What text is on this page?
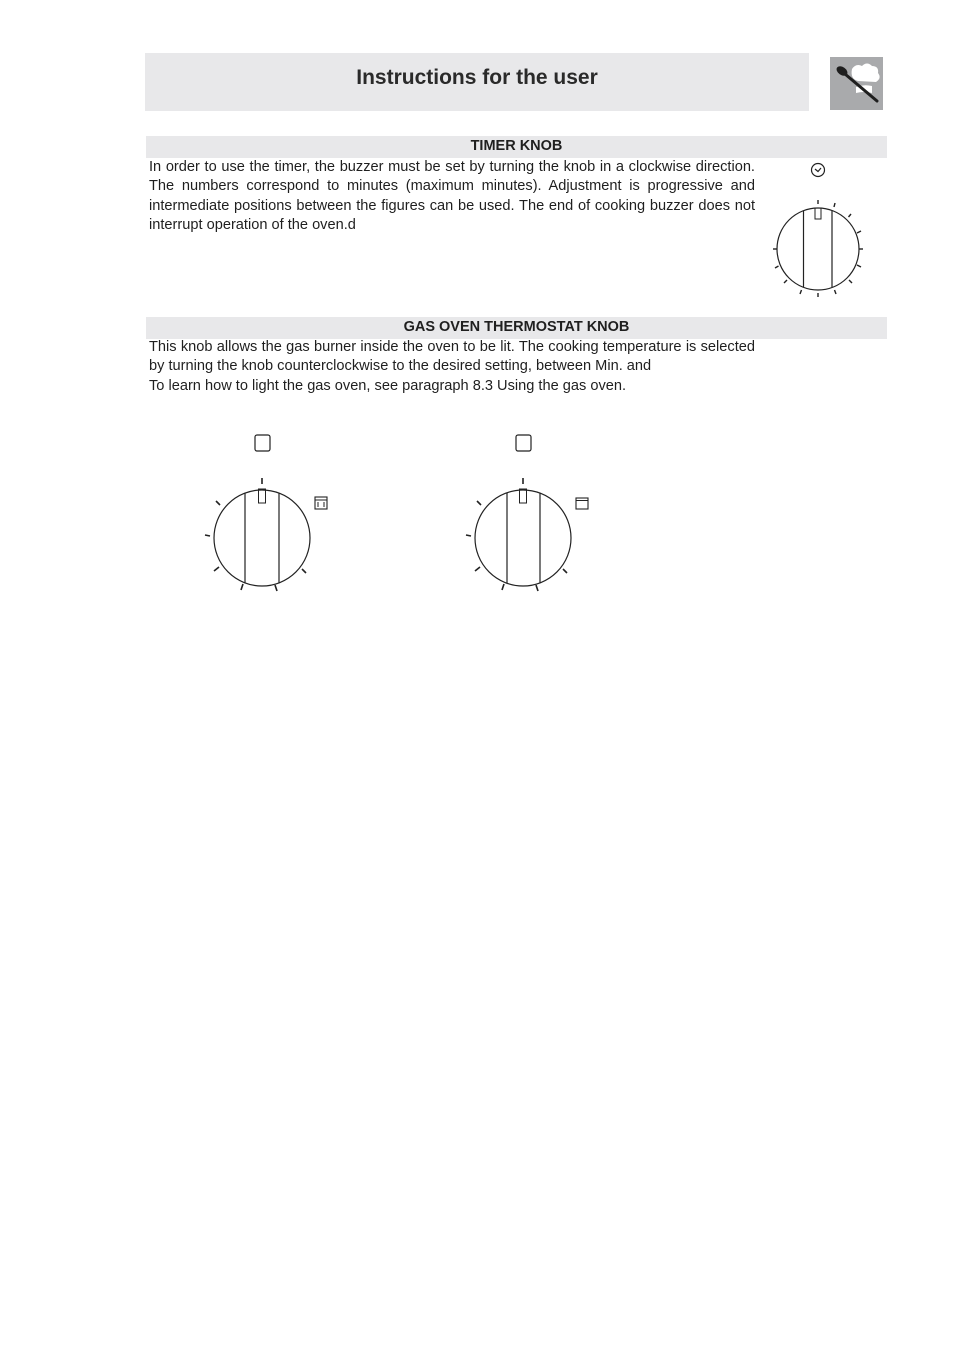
Instructions for the user
TIMER KNOB

In order to use the timer, the buzzer must be set by turning the knob in a clockwise direction. The numbers correspond to minutes (maximum minutes). Adjustment is progressive and intermediate positions between the figures can be used. The end of cooking buzzer does not interrupt operation of the oven.d

GAS OVEN THERMOSTAT KNOB

This knob allows the gas burner inside the oven to be lit. The cooking temperature is selected by turning the knob counterclockwise to the desired setting, between Min. and

To learn how to light the gas oven, see paragraph 8.3 Using the gas oven.
